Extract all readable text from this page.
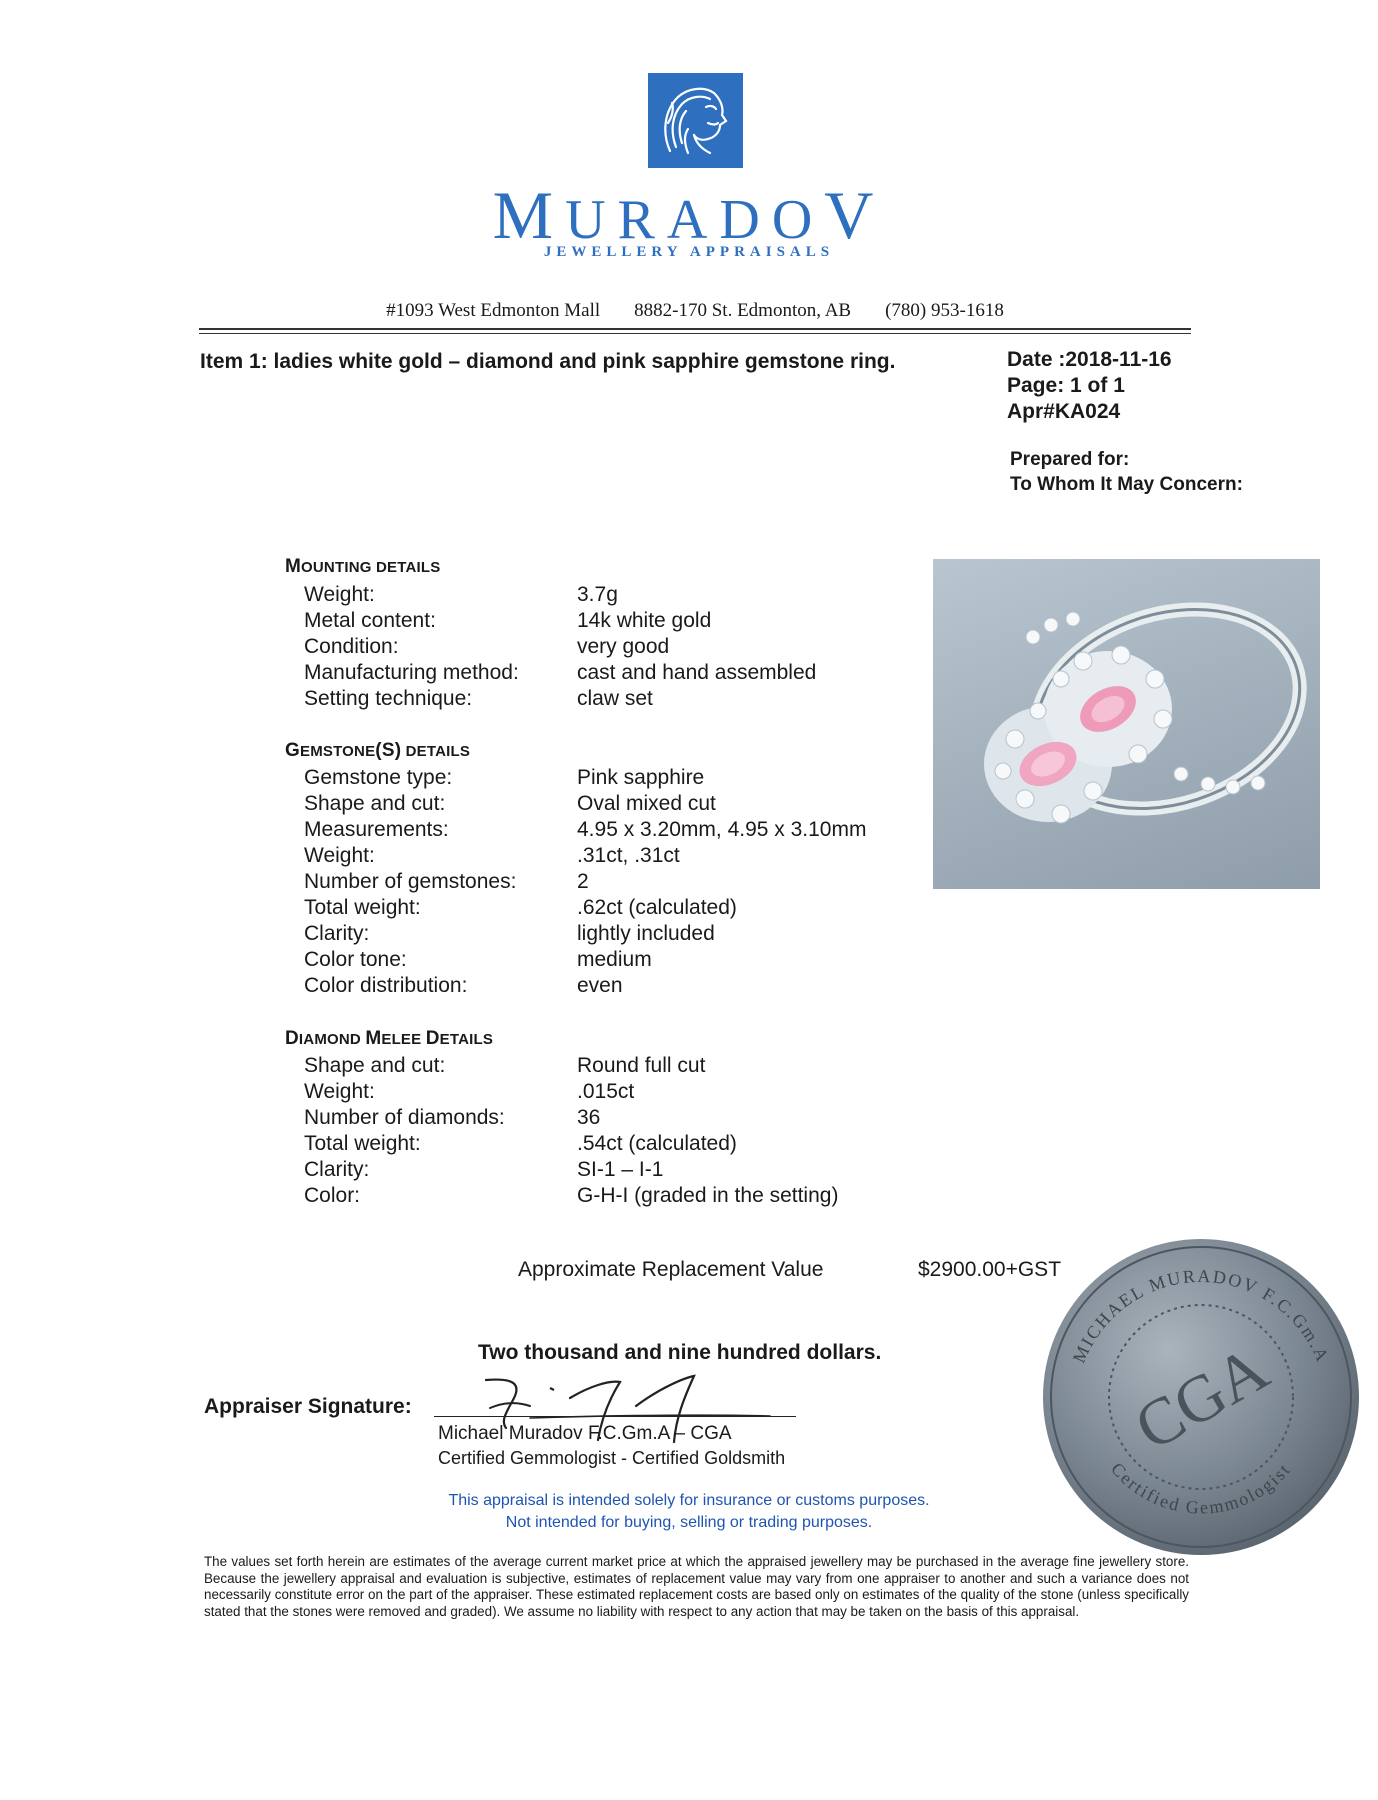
MURADOV
JEWELLERY APPRAISALS
#1093 West Edmonton Mall 8882-170 St. Edmonton, AB (780) 953-1618
Item 1: ladies white gold – diamond and pink sapphire gemstone ring.	Date :2018-11-16
Page: 1 of 1
Apr#KA024
Prepared for:
To Whom It May Concern:
MOUNTING DETAILS
Weight:	3.7g
Metal content:	14k white gold
Condition:	very good
Manufacturing method:	cast and hand assembled
Setting technique:	claw set
GEMSTONE(S) DETAILS
Gemstone type:	Pink sapphire
Shape and cut:	Oval mixed cut
Measurements:	4.95 x 3.20mm, 4.95 x 3.10mm
Weight:	.31ct, .31ct
Number of gemstones:	2
Total weight:	.62ct (calculated)
Clarity:	lightly included
Color tone:	medium
Color distribution:	even
DIAMOND MELEE DETAILS
Shape and cut:	Round full cut
Weight:	.015ct
Number of diamonds:	36
Total weight:	.54ct (calculated)
Clarity:	SI-1 – I-1
Color:	G-H-I (graded in the setting)
Approximate Replacement Value	$2900.00+GST
Two thousand and nine hundred dollars.
Appraiser Signature:
Michael Muradov F.C.Gm.A – CGA
Certified Gemmologist - Certified Goldsmith
This appraisal is intended solely for insurance or customs purposes.
Not intended for buying, selling or trading purposes.
The values set forth herein are estimates of the average current market price at which the appraised jewellery may be purchased in the average fine jewellery store. Because the jewellery appraisal and evaluation is subjective, estimates of replacement value may vary from one appraiser to another and such a variance does not necessarily constitute error on the part of the appraiser. These estimated replacement costs are based only on estimates of the quality of the stone (unless specifically stated that the stones were removed and graded). We assume no liability with respect to any action that may be taken on the basis of this appraisal.
MICHAEL MURADOV F.C.Gm.A
Certified Gemmologist
CGA
